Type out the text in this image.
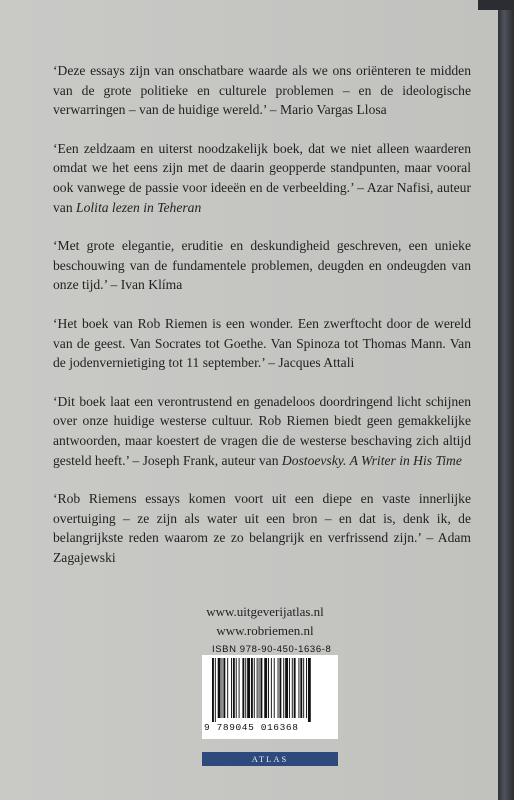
‘Deze essays zijn van onschatbare waarde als we ons oriënteren te midden van de grote politieke en culturele problemen – en de ideologische verwarringen – van de huidige wereld.’ – Mario Vargas Llosa

‘Een zeldzaam en uiterst noodzakelijk boek, dat we niet alleen waarderen omdat we het eens zijn met de daarin geopperde standpunten, maar vooral ook vanwege de passie voor ideeën en de verbeelding.’ – Azar Nafisi, auteur van Lolita lezen in Teheran

‘Met grote elegantie, eruditie en deskundigheid geschreven, een unieke beschouwing van de fundamentele problemen, deugden en ondeugden van onze tijd.’ – Ivan Klíma

‘Het boek van Rob Riemen is een wonder. Een zwerftocht door de wereld van de geest. Van Socrates tot Goethe. Van Spinoza tot Thomas Mann. Van de jodenvernietiging tot 11 september.’ – Jacques Attali

‘Dit boek laat een verontrustend en genadeloos doordringend licht schijnen over onze huidige westerse cultuur. Rob Riemen biedt geen gemakkelijke antwoorden, maar koestert de vragen die de westerse beschaving zich altijd gesteld heeft.’ – Joseph Frank, auteur van Dostoevsky. A Writer in His Time

‘Rob Riemens essays komen voort uit een diepe en vaste innerlijke overtuiging – ze zijn als water uit een bron – en dat is, denk ik, de belangrijkste reden waarom ze zo belangrijk en verfrissend zijn.’ – Adam Zagajewski

www.uitgeverijatlas.nl
www.robriemen.nl
ISBN 978-90-450-1636-8
9 789045 016368
ATLAS
